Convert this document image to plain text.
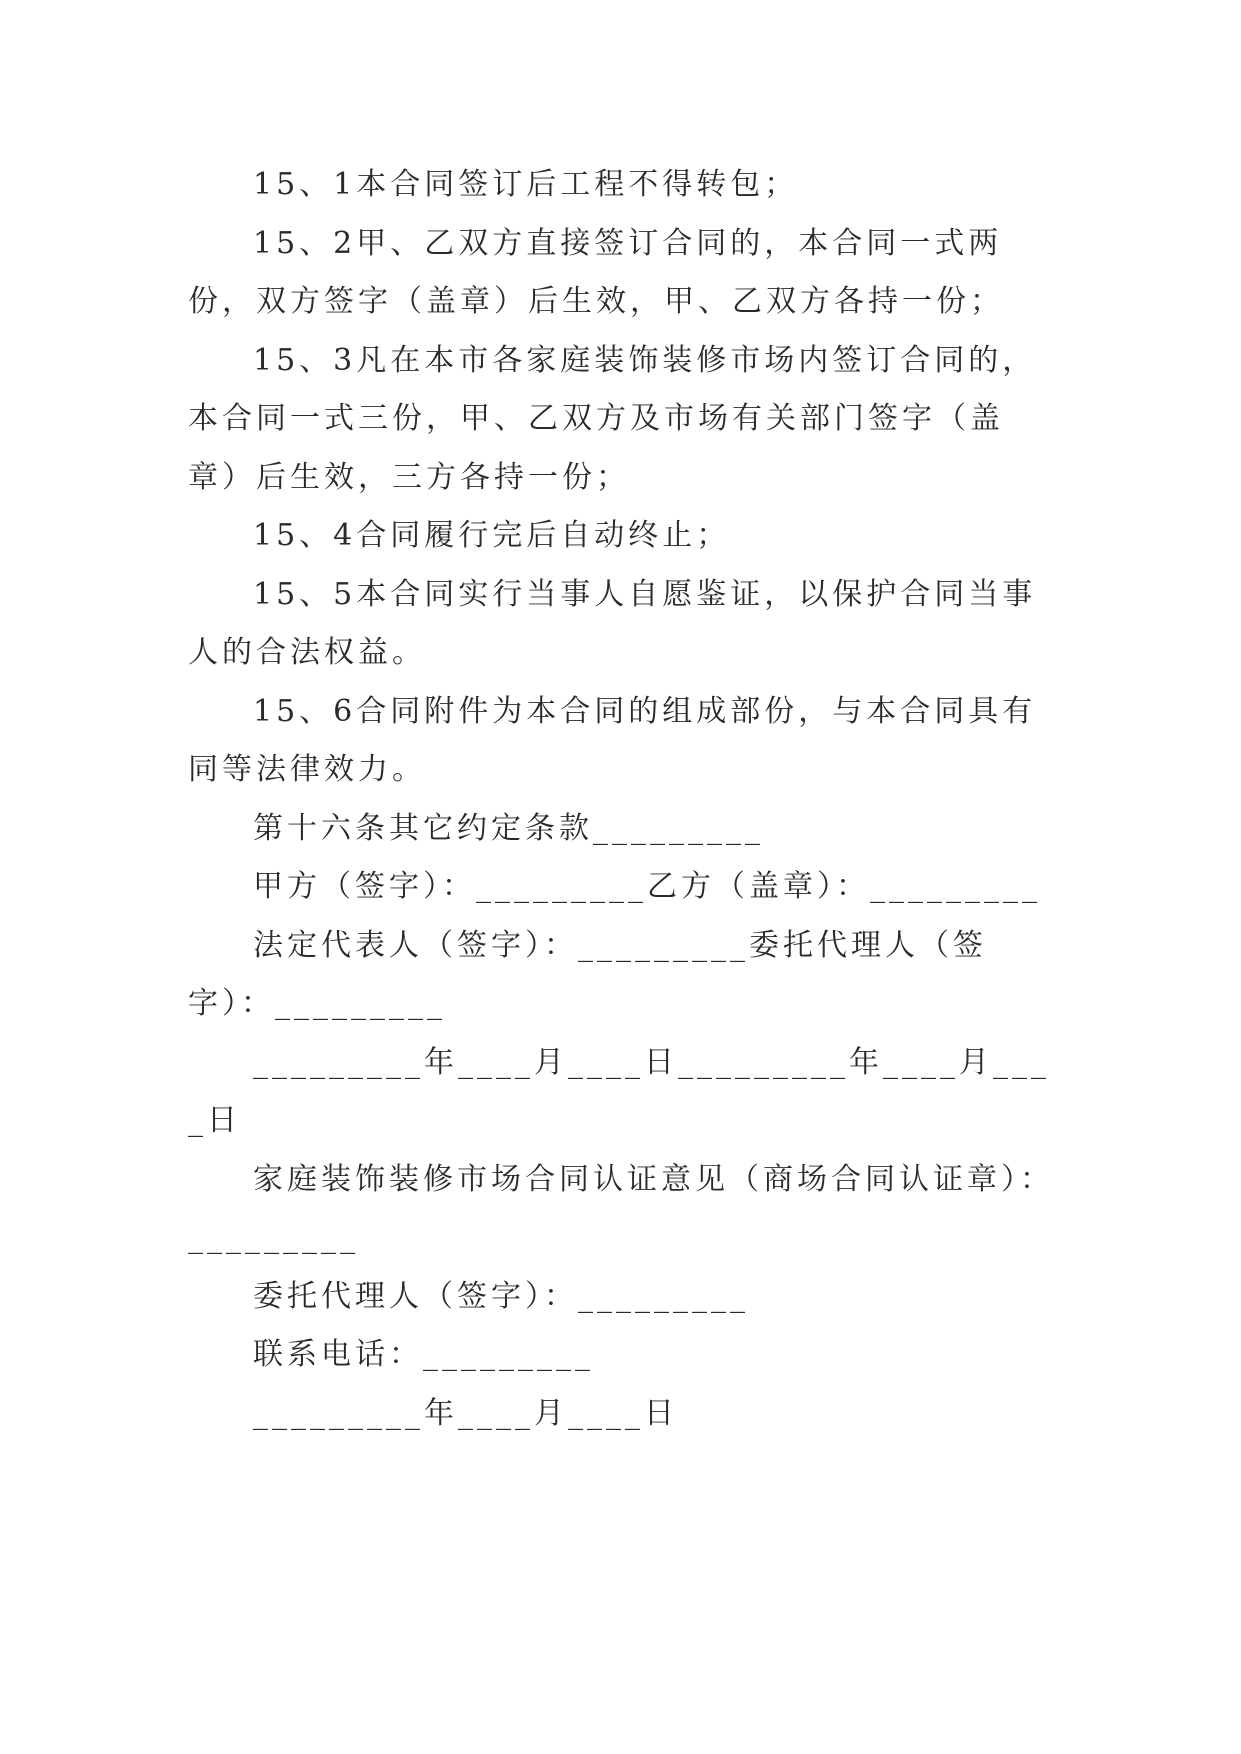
15、1本合同签订后工程不得转包；

15、2甲、乙双方直接签订合同的，本合同一式两份，双方签字（盖章）后生效，甲、乙双方各持一份；

15、3凡在本市各家庭装饰装修市场内签订合同的，本合同一式三份，甲、乙双方及市场有关部门签字（盖章）后生效，三方各持一份；

15、4合同履行完后自动终止；

15、5本合同实行当事人自愿鉴证，以保护合同当事人的合法权益。

15、6合同附件为本合同的组成部份，与本合同具有同等法律效力。

第十六条其它约定条款_________

甲方（签字）：_________乙方（盖章）：_________

法定代表人（签字）：_________委托代理人（签字）：_________

_________年____月____日_________年____月____日

家庭装饰装修市场合同认证意见（商场合同认证章）：_________

委托代理人（签字）：_________

联系电话：_________

_________年____月____日
